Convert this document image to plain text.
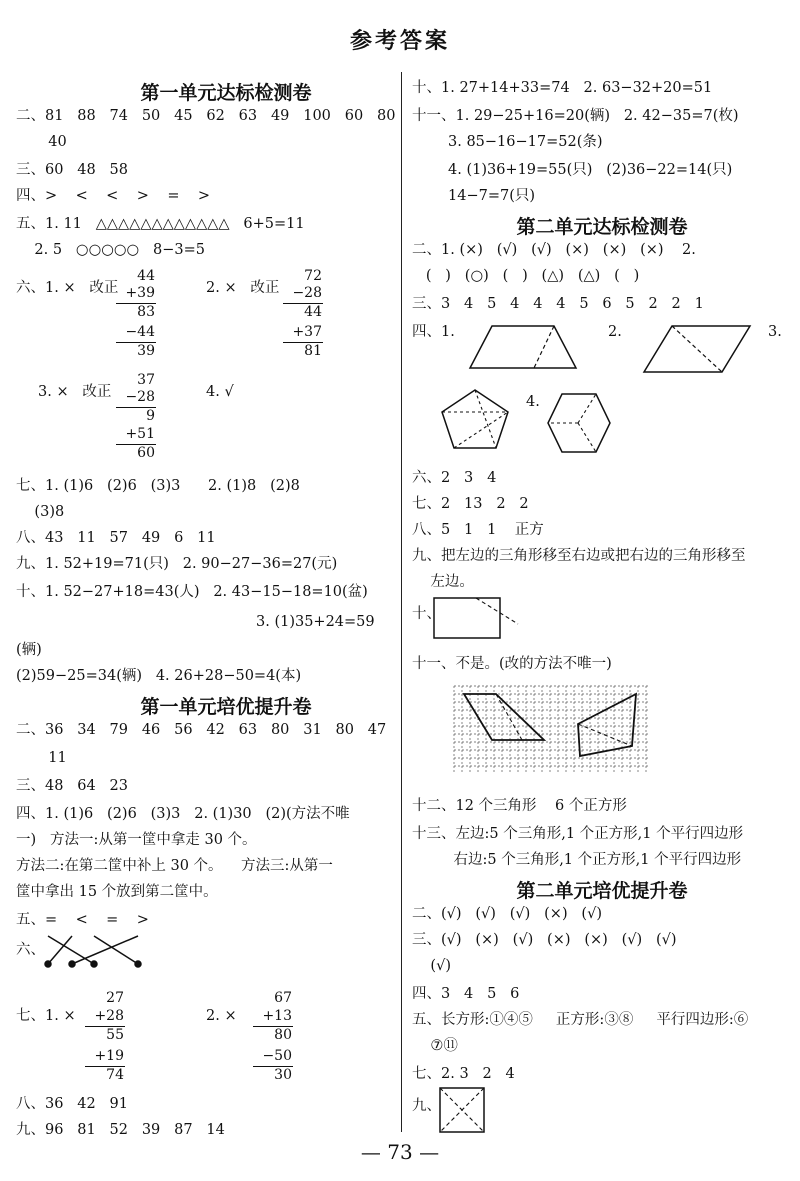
参考答案
第一单元达标检测卷
二、81   88   74   50   45   62   63   49   100   60   80
40
三、60   48   58
四、>    <    <    >    =    >
五、1. 11   △△△△△△△△△△△△   6+5=11
2. 5   ○○○○○   8−3=5
六、1. ×   改正
44
+39
83
−44
39
2. ×   改正
72
−28
44
+37
81
3. ×   改正
37
−28
9
+51
60
4. √
七、1. (1)6   (2)6   (3)3      2. (1)8   (2)8
(3)8
八、43   11   57   49   6   11
九、1. 52+19=71(只)   2. 90−27−36=27(元)
十、1. 52−27+18=43(人)   2. 43−15−18=10(盆)
3. (1)35+24=59
(辆)
(2)59−25=34(辆)   4. 26+28−50=4(本)
第一单元培优提升卷
二、36   34   79   46   56   42   63   80   31   80   47
11
三、48   64   23
四、1. (1)6   (2)6   (3)3   2. (1)30   (2)(方法不唯
一)   方法一:从第一筐中拿走 30 个。
方法二:在第二筐中补上 30 个。    方法三:从第一
筐中拿出 15 个放到第二筐中。
五、=    <    =    >
六、
七、1. ×
27
+28
55
+19
74
2. ×
67
+13
80
−50
30
八、36   42   91
九、96   81   52   39   87   14
十、1. 27+14+33=74   2. 63−32+20=51
十一、1. 29−25+16=20(辆)   2. 42−35=7(枚)
3. 85−16−17=52(条)
4. (1)36+19=55(只)   (2)36−22=14(只)
14−7=7(只)
第二单元达标检测卷
二、1. (×)   (√)   (√)   (×)   (×)   (×)    2.
(   )   (○)   (   )   (△)   (△)   (   )
三、3   4   5   4   4   4   5   6   5   2   2   1
四、1.	2.	3.
4.
六、2   3   4
七、2   13   2   2
八、5   1   1    正方
九、把左边的三角形移至右边或把右边的三角形移至
左边。
十、
十一、不是。(改的方法不唯一)
十二、12 个三角形    6 个正方形
十三、左边:5 个三角形,1 个正方形,1 个平行四边形
右边:5 个三角形,1 个正方形,1 个平行四边形
第二单元培优提升卷
二、(√)   (√)   (√)   (×)   (√)
三、(√)   (×)   (√)   (×)   (×)   (√)   (√)
(√)
四、3   4   5   6
五、长方形:①④⑤     正方形:③⑧     平行四边形:⑥
⑦⑪
七、2. 3   2   4
九、
— 73 —
